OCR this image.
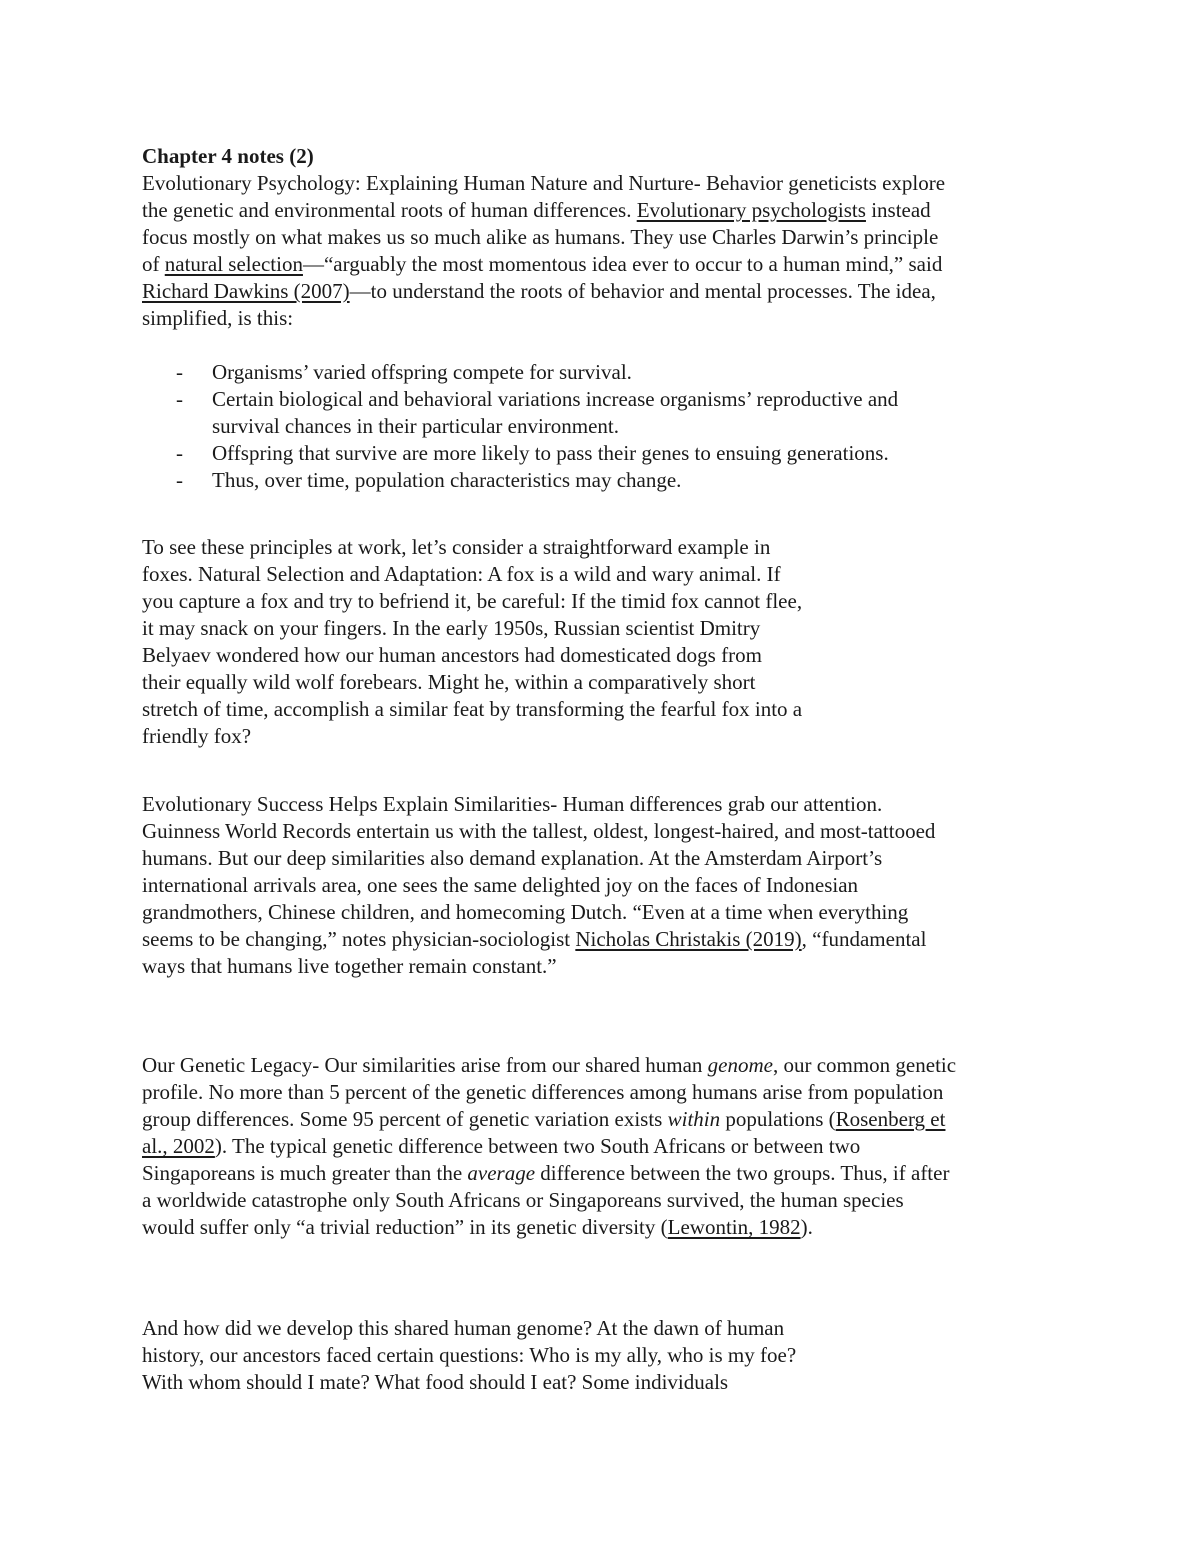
Chapter 4 notes (2)
Evolutionary Psychology: Explaining Human Nature and Nurture- Behavior geneticists explore
the genetic and environmental roots of human differences. Evolutionary psychologists instead
focus mostly on what makes us so much alike as humans. They use Charles Darwin’s principle
of natural selection—“arguably the most momentous idea ever to occur to a human mind,” said
Richard Dawkins (2007)—to understand the roots of behavior and mental processes. The idea,
simplified, is this:
- Organisms’ varied offspring compete for survival.
- Certain biological and behavioral variations increase organisms’ reproductive and
survival chances in their particular environment.
- Offspring that survive are more likely to pass their genes to ensuing generations.
- Thus, over time, population characteristics may change.
To see these principles at work, let’s consider a straightforward example in
foxes. Natural Selection and Adaptation: A fox is a wild and wary animal. If
you capture a fox and try to befriend it, be careful: If the timid fox cannot flee,
it may snack on your fingers. In the early 1950s, Russian scientist Dmitry
Belyaev wondered how our human ancestors had domesticated dogs from
their equally wild wolf forebears. Might he, within a comparatively short
stretch of time, accomplish a similar feat by transforming the fearful fox into a
friendly fox?
Evolutionary Success Helps Explain Similarities- Human differences grab our attention.
Guinness World Records entertain us with the tallest, oldest, longest-haired, and most-tattooed
humans. But our deep similarities also demand explanation. At the Amsterdam Airport’s
international arrivals area, one sees the same delighted joy on the faces of Indonesian
grandmothers, Chinese children, and homecoming Dutch. “Even at a time when everything
seems to be changing,” notes physician-sociologist Nicholas Christakis (2019), “fundamental
ways that humans live together remain constant.”
Our Genetic Legacy- Our similarities arise from our shared human genome, our common genetic
profile. No more than 5 percent of the genetic differences among humans arise from population
group differences. Some 95 percent of genetic variation exists within populations (Rosenberg et
al., 2002). The typical genetic difference between two South Africans or between two
Singaporeans is much greater than the average difference between the two groups. Thus, if after
a worldwide catastrophe only South Africans or Singaporeans survived, the human species
would suffer only “a trivial reduction” in its genetic diversity (Lewontin, 1982).
And how did we develop this shared human genome? At the dawn of human
history, our ancestors faced certain questions: Who is my ally, who is my foe?
With whom should I mate? What food should I eat? Some individuals
